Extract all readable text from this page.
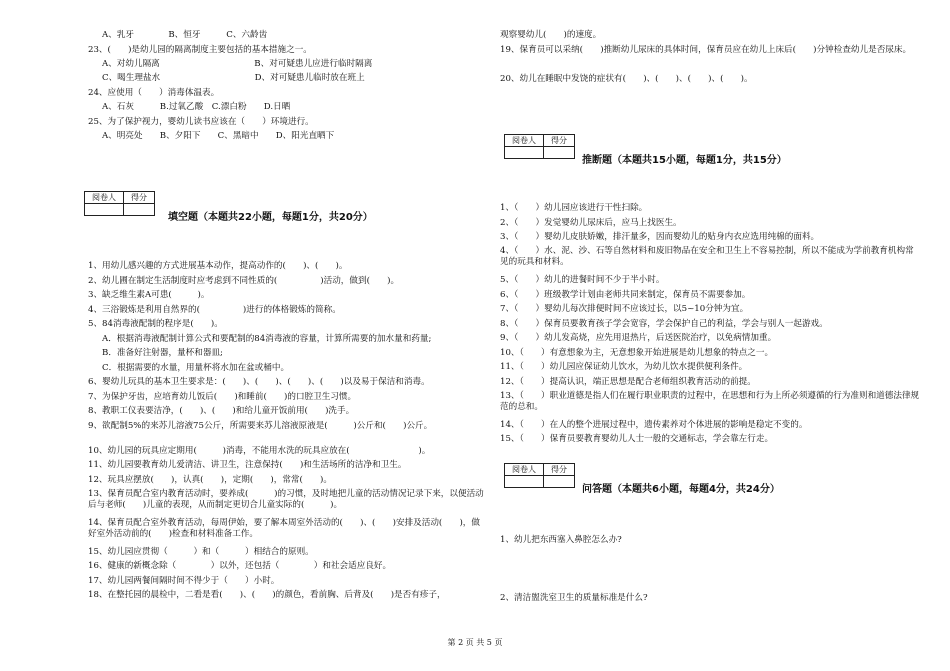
A、乳牙　　　　B、恒牙　　　C、六龄齿
23、(　　)是幼儿园的隔离制度主要包括的基本措施之一。
A、对幼儿隔离　　　　　　　　　　　B、对可疑患儿应进行临时隔离
C、喝生理盐水　　　　　　　　　　　D、对可疑患儿临时放在班上
24、应使用（　　）消毒体温表。
A、石灰　　　B.过氧乙酸　C.漂白粉　　D.日晒
25、为了保护视力，婴幼儿读书应该在（　　）环境进行。
A、明亮处　　B、夕阳下　　C、黑暗中　　D、阳光直晒下
阅卷人	得分

填空题（本题共22小题，每题1分，共20分）
1、用幼儿感兴趣的方式进展基本动作，提高动作的(　　)、(　　)。
2、幼儿圃在制定生活制度时应考虑到不同性质的(　　　　　)活动，做到(　　)。
3、缺乏维生素A可患(　　　)。
4、三浴锻炼是利用自然界的(　　　　　)进行的体格锻炼的简称。
5、84消毒液配制的程序是(　　)。
A．根据消毒液配制计算公式和要配制的84消毒液的容量，计算所需要的加水量和药量;
B．准备好注射器，量杯和器皿;
C．根据需要的水量，用量杯将水加在盆或桶中。
6、婴幼儿玩具的基本卫生要求是：(　　)、(　　)、(　　)、(　　)以及易于保洁和消毒。
7、为保护牙齿，应培育幼儿饭后(　　)和睡前(　　)的口腔卫生习惯。
8、教职工仪表要洁净，(　　)、(　　)和给儿童开饭前用(　　)洗手。
9、欲配制5%的来苏儿溶液75公斤，所需要来苏儿溶液原液是(　　　)公斤和(　　)公斤。
10、幼儿园的玩具应定期用(　　　)消毒，不能用水洗的玩具应放在(　　　　　　　　)。
11、幼儿园要教育幼儿爱清洁、讲卫生，注意保持(　　)和生活场所的洁净和卫生。
12、玩具应摆放(　　)，认真(　　)，定期(　　)，常常(　　)。
13、保育员配合室内教育活动时，要养成(　　　)的习惯，及时地把儿童的活动情况记录下来，以便活动后与老师(　　)儿童的表现，从而制定更切合儿童实际的(　　　)。
14、保育员配合室外教育活动，每周伊始，要了解本周室外活动的(　　)、(　　)安排及活动(　　)，做好室外活动前的(　　)检查和材料准备工作。
15、幼儿园应贯彻（　　　）和（　　　）相结合的原则。
16、健康的新概念除（　　　　）以外，还包括（　　　　）和社会适应良好。
17、幼儿园两餐间隔时间不得少于（　　）小时。
18、在整托园的晨检中，二看是看(　　)、(　　)的颜色，看前胸、后背及(　　)是否有疹子，
观察婴幼儿(　　)的速度。
19、保育员可以采纳(　　)推断幼儿尿床的具体时间，保育员应在幼儿上床后(　　)分钟检查幼儿是否尿床。
20、幼儿在睡眠中发饶的症状有(　　)、(　　)、(　　)、(　　)。
阅卷人	得分

推断题（本题共15小题，每题1分，共15分）
1、（　　）幼儿园应该进行干性扫除。
2、（　　）发觉婴幼儿尿床后，应马上找医生。
3、（　　）婴幼儿皮肤娇嫩，排汗量多，因而婴幼儿的贴身内衣应选用纯棉的面料。
4、（　　）水、泥、沙、石等自然材料和废旧物品在安全和卫生上不容易控制，所以不能成为学前教育机构常见的玩具和材料。
5、（　　）幼儿的进餐时间不少于半小时。
6、（　　）班级教学计划由老师共同来制定，保育员不需要参加。
7、（　　）婴幼儿每次排便时间不应该过长，以5~10分钟为宜。
8、（　　）保育员要教育孩子学会宽容，学会保护自己的利益，学会与别人一起游戏。
9、（　　）幼儿发高烧，应先用退热片，后送医院治疗，以免病情加重。
10、（　　）有意想象为主，无意想象开始进展是幼儿想象的特点之一。
11、（　　）幼儿园应保证幼儿饮水，为幼儿饮水提供便利条件。
12、（　　）提高认识，端正思想是配合老师组织教育活动的前提。
13、（　　）职业道德是指人们在履行职业职责的过程中，在思想和行为上所必须遵循的行为准则和道德法律规范的总和。
14、（　　）在人的整个进展过程中，遗传素养对个体进展的影响是稳定不变的。
15、（　　）保育员要教育婴幼儿人士一般的交通标志，学会靠左行走。
阅卷人	得分

问答题（本题共6小题，每题4分，共24分）
1、幼儿把东西塞入鼻腔怎么办?
2、清洁盥洗室卫生的质量标准是什么?
第 2 页 共 5 页
